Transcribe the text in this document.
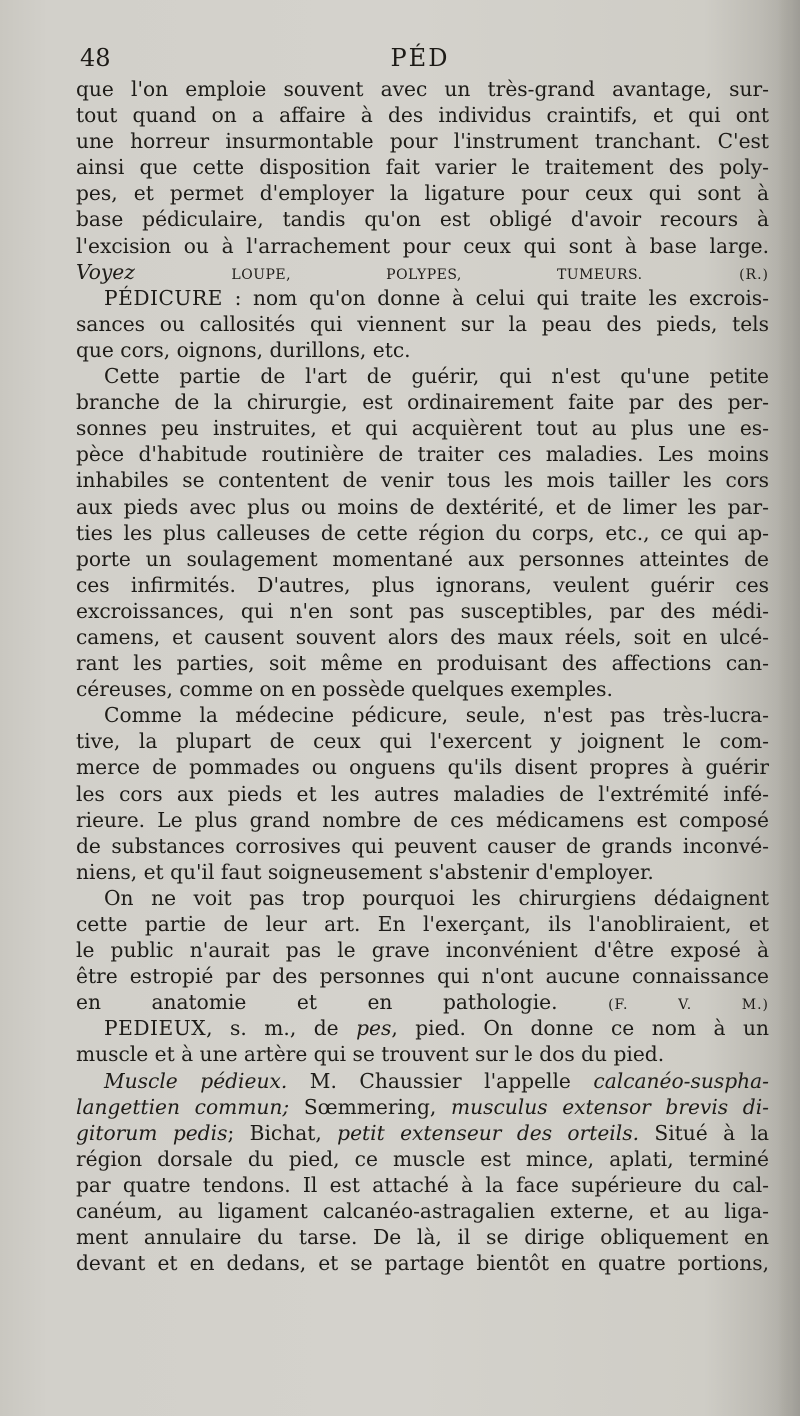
48	PÉD
que l'on emploie souvent avec un très-grand avantage, sur-
tout quand on a affaire à des individus craintifs, et qui ont
une horreur insurmontable pour l'instrument tranchant. C'est
ainsi que cette disposition fait varier le traitement des poly-
pes, et permet d'employer la ligature pour ceux qui sont à
base pédiculaire, tandis qu'on est obligé d'avoir recours à
l'excision ou à l'arrachement pour ceux qui sont à base large.
Voyez	LOUPE, POLYPES, TUMEURS.	(R.)
PÉDICURE : nom qu'on donne à celui qui traite les excrois-
sances ou callosités qui viennent sur la peau des pieds, tels
que cors, oignons, durillons, etc.
Cette partie de l'art de guérir, qui n'est qu'une petite
branche de la chirurgie, est ordinairement faite par des per-
sonnes peu instruites, et qui acquièrent tout au plus une es-
pèce d'habitude routinière de traiter ces maladies. Les moins
inhabiles se contentent de venir tous les mois tailler les cors
aux pieds avec plus ou moins de dextérité, et de limer les par-
ties les plus calleuses de cette région du corps, etc., ce qui ap-
porte un soulagement momentané aux personnes atteintes de
ces infirmités. D'autres, plus ignorans, veulent guérir ces
excroissances, qui n'en sont pas susceptibles, par des médi-
camens, et causent souvent alors des maux réels, soit en ulcé-
rant les parties, soit même en produisant des affections can-
céreuses, comme on en possède quelques exemples.
Comme la médecine pédicure, seule, n'est pas très-lucra-
tive, la plupart de ceux qui l'exercent y joignent le com-
merce de pommades ou onguens qu'ils disent propres à guérir
les cors aux pieds et les autres maladies de l'extrémité infé-
rieure. Le plus grand nombre de ces médicamens est composé
de substances corrosives qui peuvent causer de grands inconvé-
niens, et qu'il faut soigneusement s'abstenir d'employer.
On ne voit pas trop pourquoi les chirurgiens dédaignent
cette partie de leur art. En l'exerçant, ils l'anobliraient, et
le public n'aurait pas le grave inconvénient d'être exposé à
être estropié par des personnes qui n'ont aucune connaissance
en anatomie et en pathologie.	(F. V. M.)
PEDIEUX, s. m., de pes, pied. On donne ce nom à un
muscle et à une artère qui se trouvent sur le dos du pied.
Muscle pédieux. M. Chaussier l'appelle calcanéo-suspha-
langettien commun; Sœmmering, musculus extensor brevis di-
gitorum pedis; Bichat, petit extenseur des orteils. Situé à la
région dorsale du pied, ce muscle est mince, aplati, terminé
par quatre tendons. Il est attaché à la face supérieure du cal-
canéum, au ligament calcanéo-astragalien externe, et au liga-
ment annulaire du tarse. De là, il se dirige obliquement en
devant et en dedans, et se partage bientôt en quatre portions,
